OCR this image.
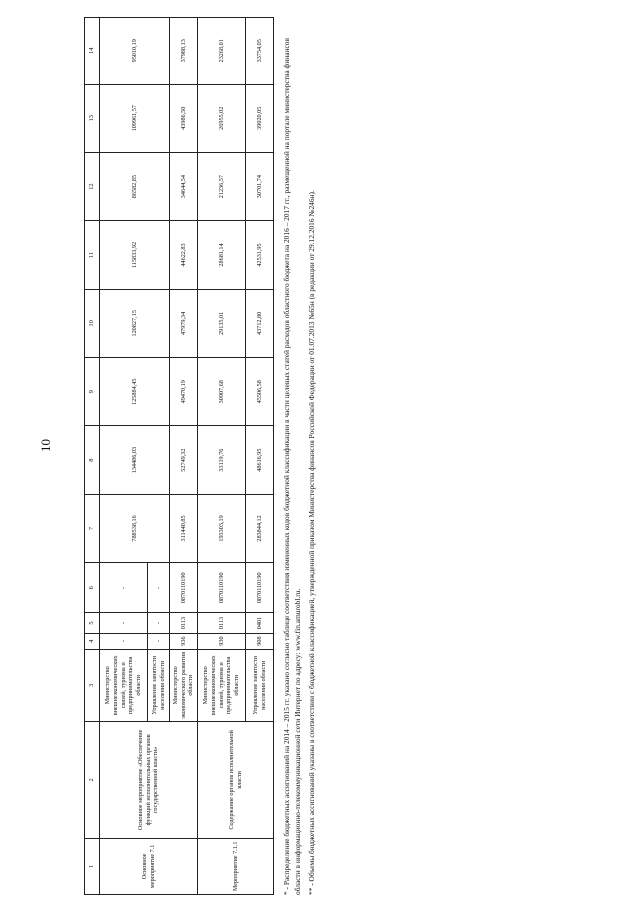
10
1	2	3	4	5	6	7	8	9	10	11	12	13	14
Основное мероприятие 7.1	Основное мероприятие «Обеспечение функций исполнительных органов государственной власти»	Министерство внешнеэкономических связей, туризма и предпринимательства области	-	-	-	788538,16	134486,03	125884,45	120827,15	115833,92	86582,85	109961,57	95010,19
		Управление занятости населения области	-	-	-								
		Министерство экономического развития области	936	0113	0870110190	311440,85	52749,32	49470,19	47979,34	44622,83	34644,54	43986,50	37988,13
Мероприятие 7.1.1	Содержание органов исполнительной власти	Министерство внешнеэкономических связей, туризма и предпринимательства области	930	0113	0870110190	193303,19	33119,76	30907,68	29135,01	28681,14	21236,57	26955,02	23268,01
		Управление занятости населения области	908	0401	0870110190	283844,12	48616,95	45506,58	43712,80	42531,95	30701,74	39020,05	33754,05	* - Распределение бюджетных ассигнований на 2014 – 2015 гг. указано согласно таблице соответствия измененных кодов бюджетной классификации в части целевых статей расходов областного бюджета на 2016 – 2017 гг., размещенной на портале министерства финансов области в информационно-телекоммуникационной сети Интернет по адресу: www.fin.amurobl.ru. ** - Объемы бюджетных ассигнований указаны в соответствии с бюджетной классификацией, утвержденной приказом Министерства финансов Российской Федерации от 01.07.2013 №65н (в редакции от 29.12.2016 №246н).
